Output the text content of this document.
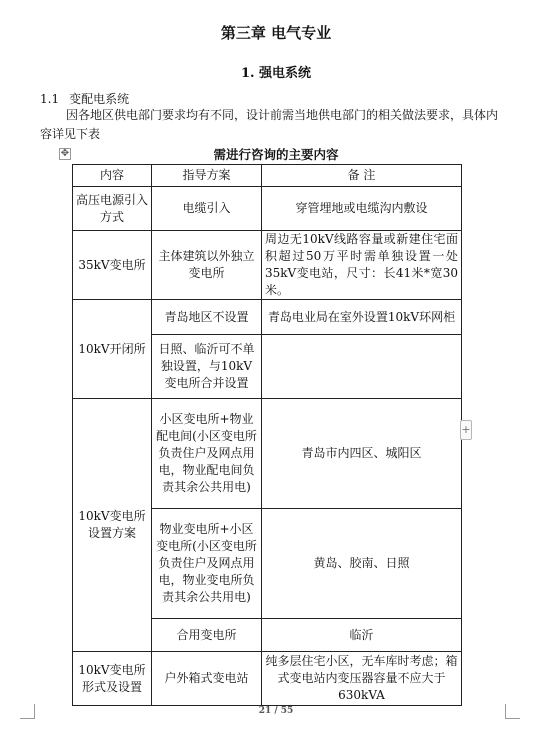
第三章 电气专业
1. 强电系统
1.1 变配电系统
因各地区供电部门要求均有不同，设计前需当地供电部门的相关做法要求，具体内容详见下表
✥	需进行咨询的主要内容
内容	指导方案	备 注
高压电源引入方式	电缆引入	穿管埋地或电缆沟内敷设
35kV变电所	主体建筑以外独立变电所	周边无10kV线路容量或新建住宅面积超过50万平时需单独设置一处35kV变电站，尺寸：长41米*宽30米。
10kV开闭所	青岛地区不设置	青岛电业局在室外设置10kV环网柜
	日照、临沂可不单独设置，与10kV变电所合并设置	
10kV变电所设置方案	小区变电所+物业配电间(小区变电所负责住户及网点用电，物业配电间负责其余公共用电)	青岛市内四区、城阳区
	物业变电所+小区变电所(小区变电所负责住户及网点用电，物业变电所负责其余公共用电)	黄岛、胶南、日照
	合用变电所	临沂
10kV变电所形式及设置	户外箱式变电站	纯多层住宅小区，无车库时考虑；箱式变电站内变压器容量不应大于630kVA
+
21 / 55
